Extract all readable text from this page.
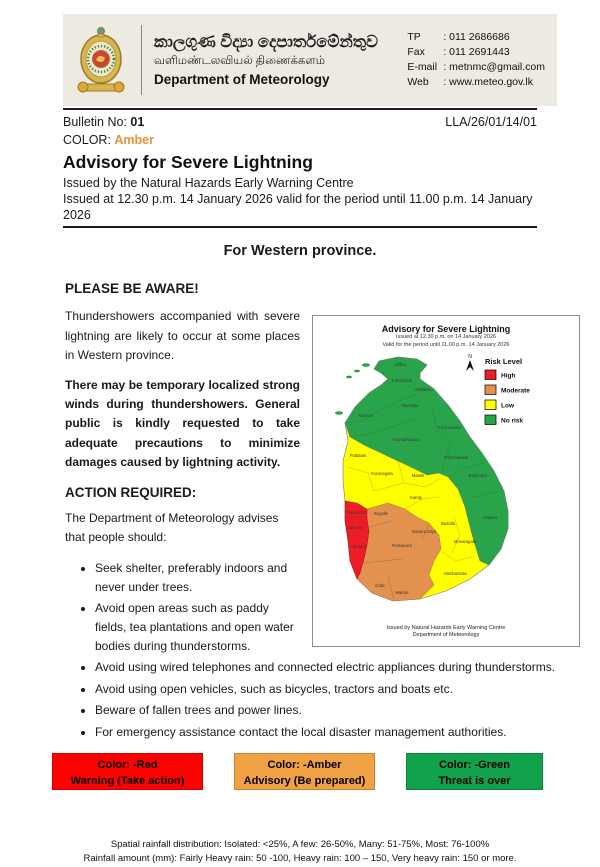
කාලගුණ විද්‍යා දෙපාර්තමේන්තුව
வளிமண்டலவியல் திணைக்களம்
Department of Meteorology
TP	: 011 2686686
Fax	: 011 2691443
E-mail : metnmc@gmail.com
Web	: www.meteo.gov.lk
Bulletin No: 01	LLA/26/01/14/01
COLOR: Amber
Advisory for Severe Lightning
Issued by the Natural Hazards Early Warning Centre
Issued at 12.30 p.m. 14 January 2026 valid for the period until 11.00 p.m. 14 January 2026
For Western province.
Advisory for Severe Lightning
Issued at 12.30 p.m. on 14 January 2026
Valid for the period until 11.00 p.m. 14 January 2026
Jaffna
Kilinochchi
Mullaitivu
Mannar
Vavuniya
Anuradhapura
Trincomalee
Polonnaruwa
Batticaloa
Ampara
Puttalam
Kurunegala	Matale
Kandy
Badulla
Monaragala
Hambantota
Gampaha
Colombo
Kalutara
Kegalle
Nuwara Eliya
Ratnapura
Galle
Matara
N Risk Level
High
Moderate
Low
No risk
Issued by Natural Hazards Early Warning Centre
Department of Meteorology
PLEASE BE AWARE!

Thundershowers accompanied with severe lightning are likely to occur at some places in Western province.

There may be temporary localized strong winds during thundershowers. General public is kindly requested to take adequate precautions to minimize damages caused by lightning activity.

ACTION REQUIRED:

The Department of Meteorology advises that people should:

• Seek shelter, preferably indoors and never under trees.
• Avoid open areas such as paddy fields, tea plantations and open water bodies during thunderstorms.
• Avoid using wired telephones and connected electric appliances during thunderstorms.
• Avoid using open vehicles, such as bicycles, tractors and boats etc.
• Beware of fallen trees and power lines.
• For emergency assistance contact the local disaster management authorities.
Color: -Red
Warning (Take action)
Color: -Amber
Advisory (Be prepared)
Color: -Green
Threat is over
Spatial rainfall distribution: Isolated: <25%, A few: 26-50%, Many: 51-75%, Most: 76-100%
Rainfall amount (mm): Fairly Heavy rain: 50 -100, Heavy rain: 100 – 150, Very heavy rain: 150 or more.
